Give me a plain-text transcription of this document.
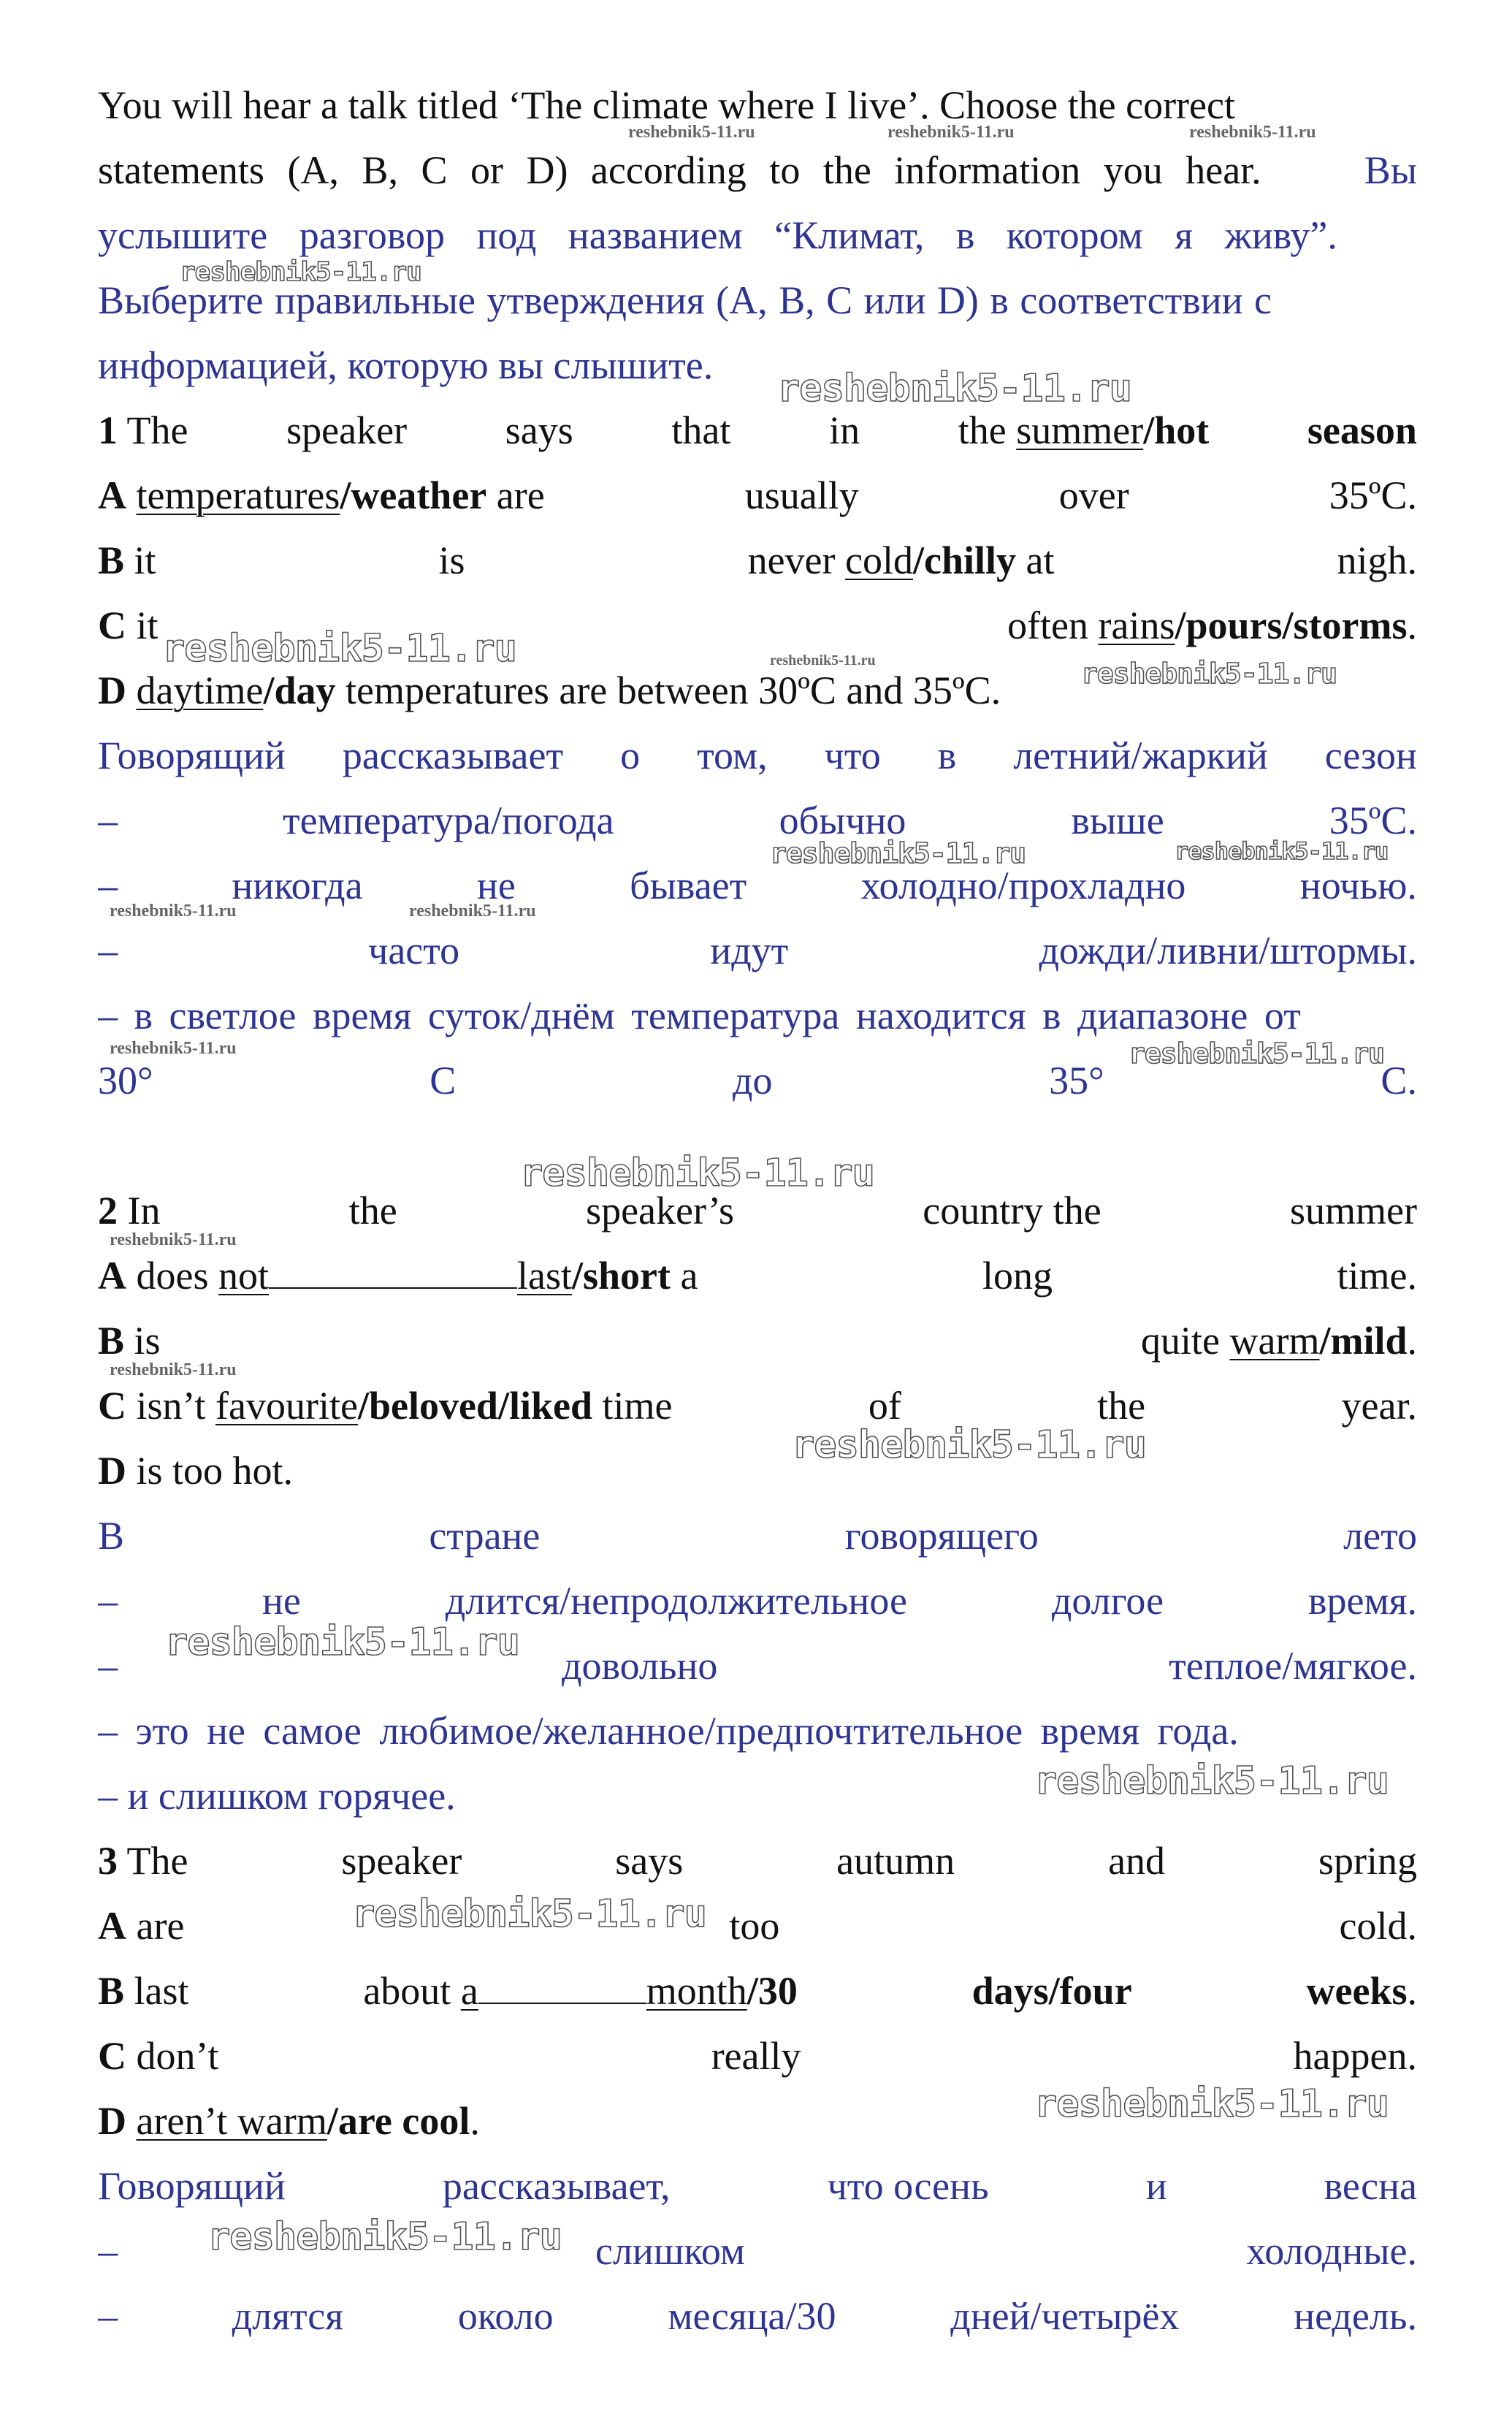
You will hear a talk titled ‘The climate where I live’. Choose the correct
statements (A, B, C or D) according to the information you hear.	Вы
услышите разговор под названием “Климат, в котором я живу”.
Выберите правильные утверждения (A, B, C или D) в соответствии с
информацией, которую вы слышите.
1 The speaker says that in the summer/hot season
A temperatures/weather are	usually	over	35ºC.
B it	is	never cold/chilly at	nigh.
C it	often rains/pours/storms.
D daytime/day temperatures are between 30ºC and 35ºC.
Говорящий рассказывает о том, что в летний/жаркий сезон
–	температура/погода	обычно	выше	35ºC.
–	никогда	не	бывает	холодно/прохладно	ночью.
–	часто	идут	дожди/ливни/штормы.
– в светлое время суток/днём температура находится в диапазоне от
30°	C	до	35°	C.
2 In	the	speaker’s	country the	summer
A does not	last/short a	long	time.
B is	quite warm/mild.
C isn’t favourite/beloved/liked time	of	the	year.
D is too hot.
В	стране	говорящего	лето
–	не	длится/непродолжительное	долгое	время.
–	довольно	теплое/мягкое.
– это не самое любимое/желанное/предпочтительное время года.
– и слишком горячее.
3 The	speaker	says	autumn	and	spring
A are	too	cold.
B last	about a	month/30	days/four	weeks.
C don’t	really	happen.
D aren’t warm/are cool.
Говорящий	рассказывает,	что осень	и	весна
–	слишком	холодные.
–	длятся	около	месяца/30	дней/четырёх	недель.
reshebnik5-11.ru	reshebnik5-11.ru	reshebnik5-11.ru
reshebnik5-11.ru
reshebnik5-11.ru
reshebnik5-11.ru	reshebnik5-11.ru	reshebnik5-11.ru
reshebnik5-11.ru	reshebnik5-11.ru
reshebnik5-11.ru	reshebnik5-11.ru
reshebnik5-11.ru	reshebnik5-11.ru
reshebnik5-11.ru
reshebnik5-11.ru
reshebnik5-11.ru
reshebnik5-11.ru
reshebnik5-11.ru
reshebnik5-11.ru
reshebnik5-11.ru
reshebnik5-11.ru
reshebnik5-11.ru
